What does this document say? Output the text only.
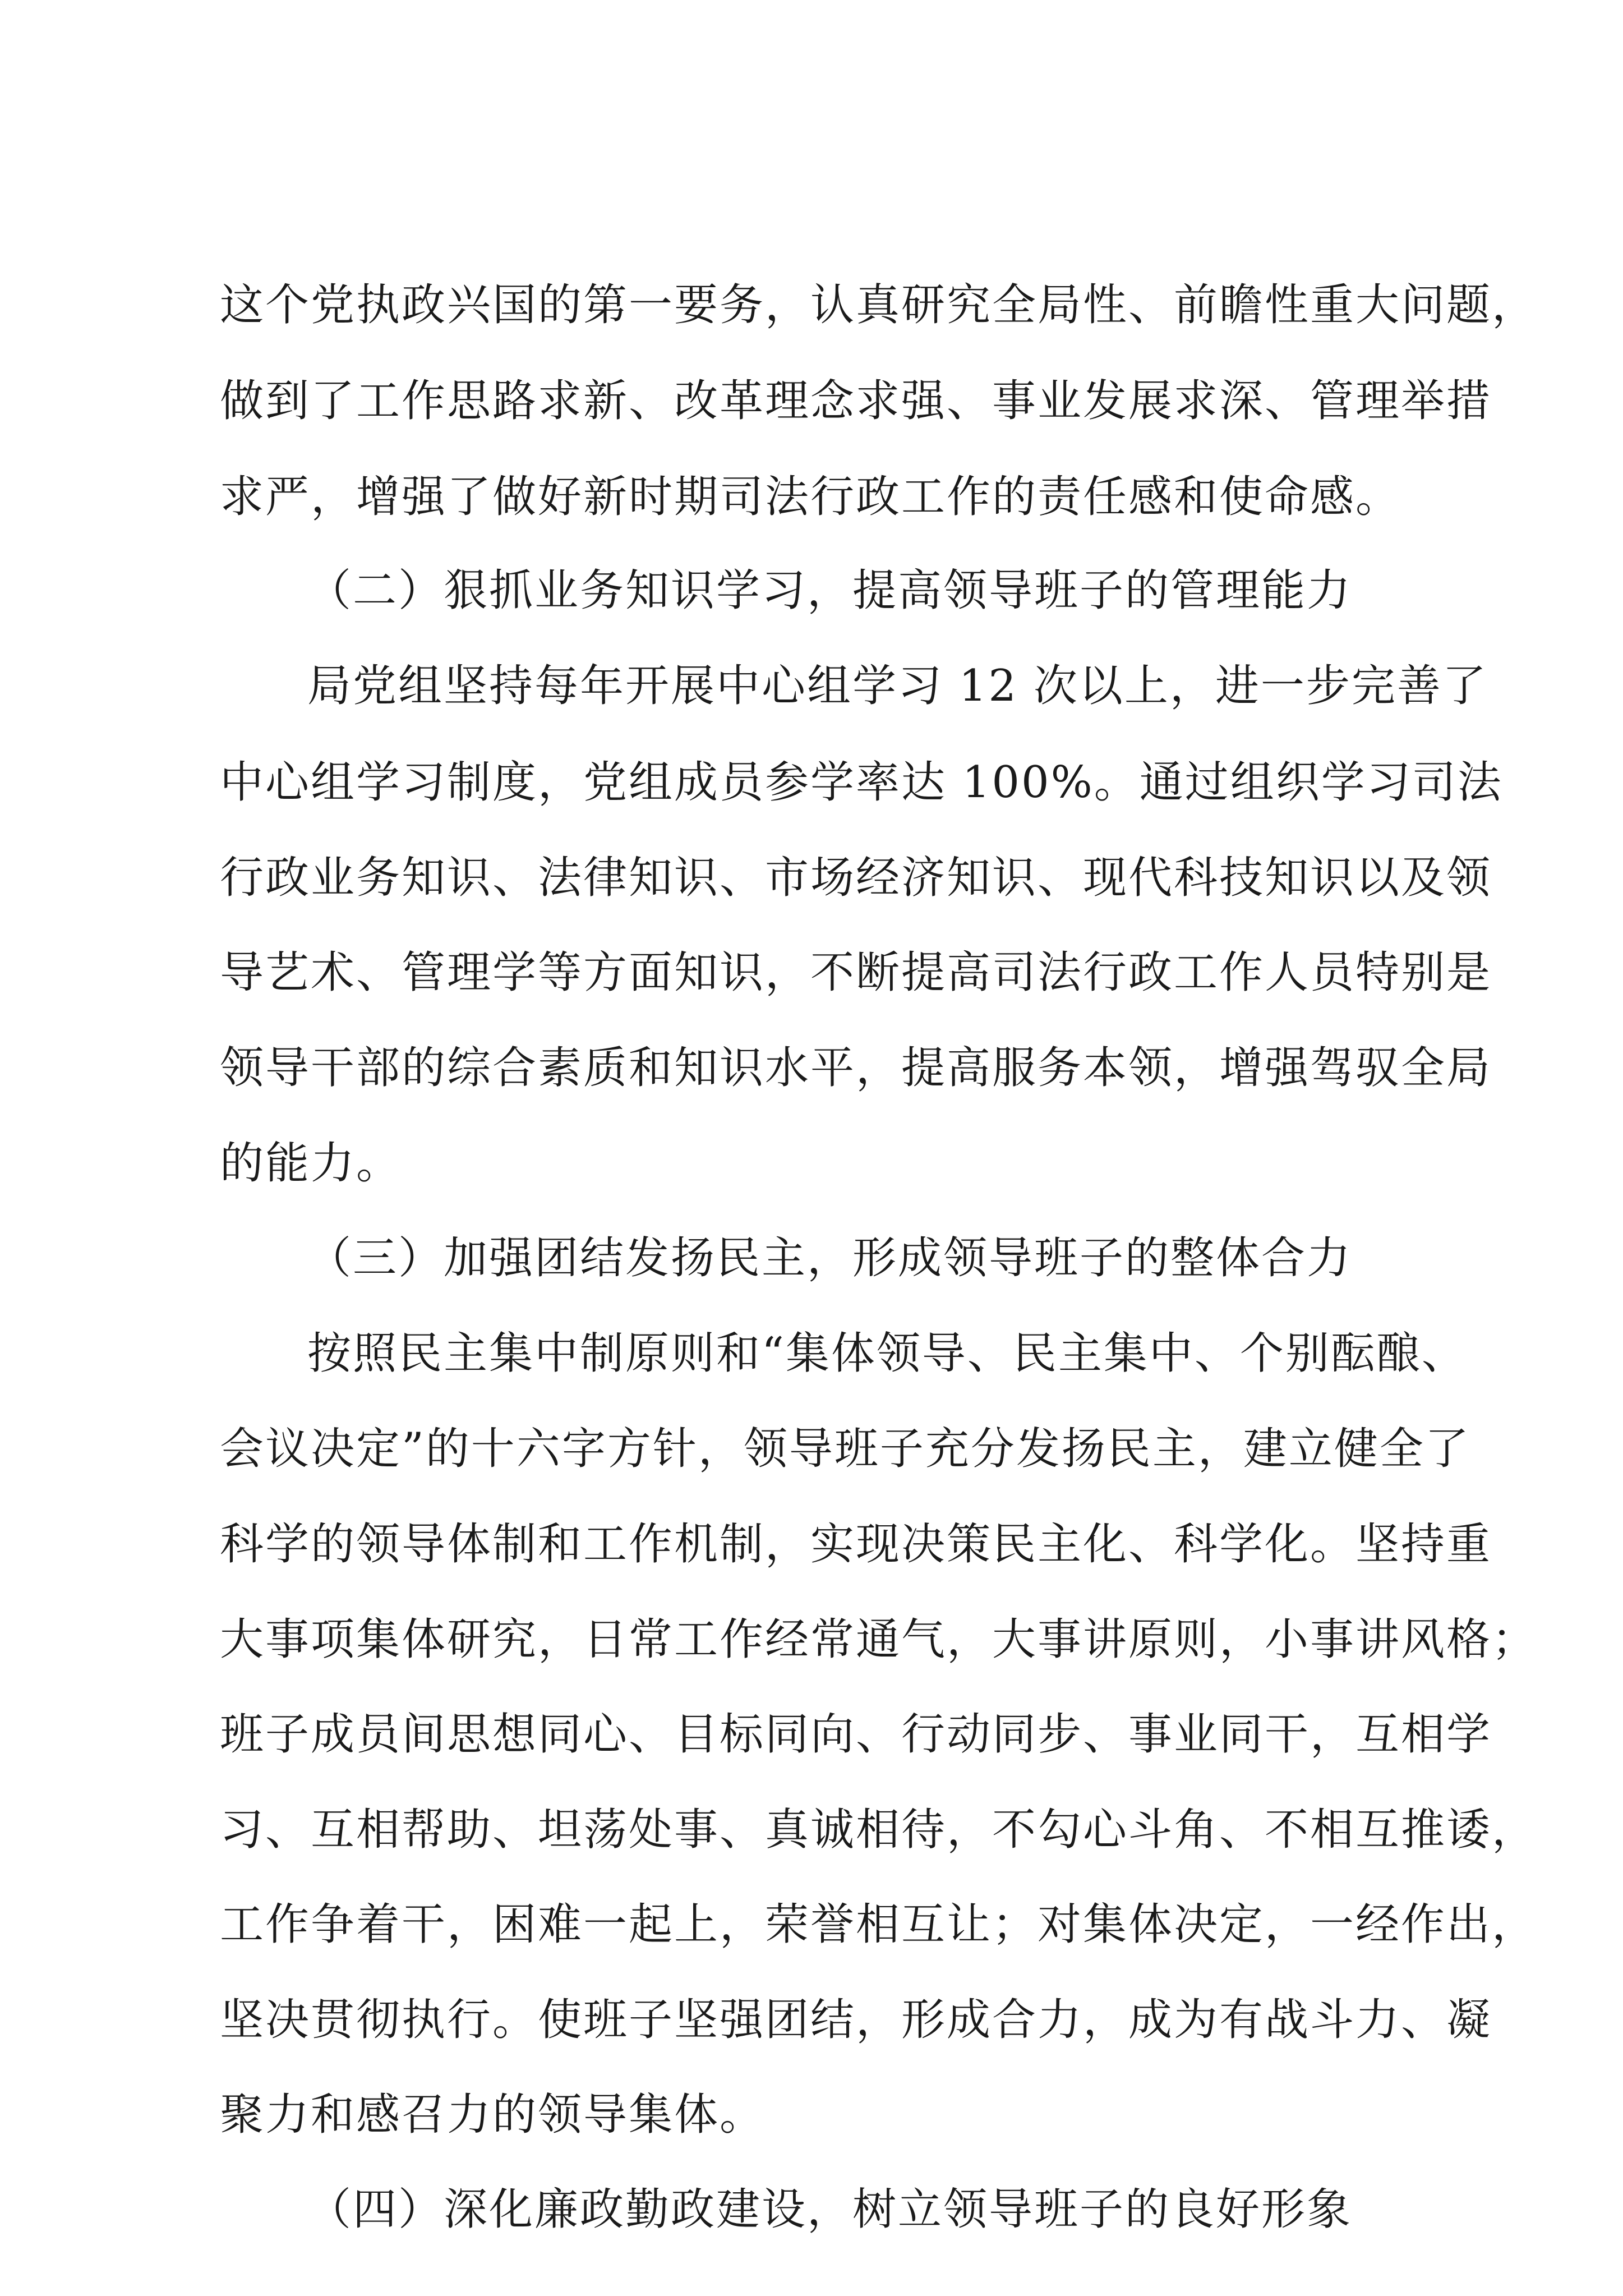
这个党执政兴国的第一要务，认真研究全局性、前瞻性重大问题，
做到了工作思路求新、改革理念求强、事业发展求深、管理举措
求严，增强了做好新时期司法行政工作的责任感和使命感。
（二）狠抓业务知识学习，提高领导班子的管理能力
局党组坚持每年开展中心组学习 12 次以上，进一步完善了
中心组学习制度，党组成员参学率达 100%。通过组织学习司法
行政业务知识、法律知识、市场经济知识、现代科技知识以及领
导艺术、管理学等方面知识，不断提高司法行政工作人员特别是
领导干部的综合素质和知识水平，提高服务本领，增强驾驭全局
的能力。
（三）加强团结发扬民主，形成领导班子的整体合力
按照民主集中制原则和“集体领导、民主集中、个别酝酿、
会议决定”的十六字方针，领导班子充分发扬民主，建立健全了
科学的领导体制和工作机制，实现决策民主化、科学化。坚持重
大事项集体研究，日常工作经常通气，大事讲原则，小事讲风格；
班子成员间思想同心、目标同向、行动同步、事业同干，互相学
习、互相帮助、坦荡处事、真诚相待，不勾心斗角、不相互推诿，
工作争着干，困难一起上，荣誉相互让；对集体决定，一经作出，
坚决贯彻执行。使班子坚强团结，形成合力，成为有战斗力、凝
聚力和感召力的领导集体。
（四）深化廉政勤政建设，树立领导班子的良好形象
